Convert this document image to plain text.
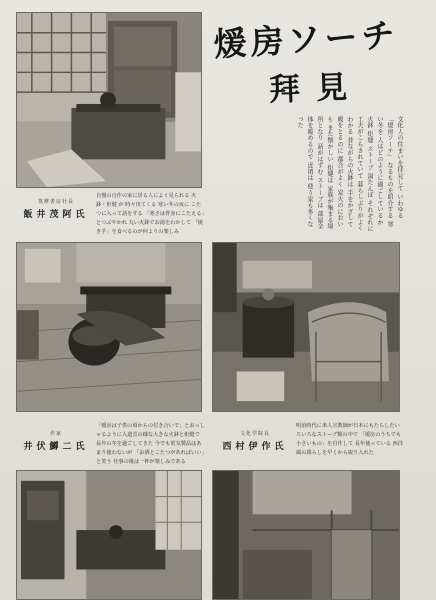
煖房ソーチ
拜見
筑摩書房社長
飯井茂阿氏
自慢の自作の家に居る人によく見られる 火鉢・炬燵 が 時々出てくる 寒い冬の夜に こたつに入って話をする 「寒さは骨身にこたえる」とつぶやかれ 丸い火鉢でお湯をわかして 「焼き芋」を食べるのが何よりの楽しみ
文化人の住まいを拝見して いわゆる 「煖房ソーチ」 なるものを紹介する 寒い冬を 人はどのように過ごしているか 火鉢 炬燵 ストーブ 湯たんぽ それぞれに工夫がこらされていて 暮らしぶりがよくわかる 昔ながらの火鉢は 手をかざして暖をとるのに 都合がよく 炭火のにおいも また懐かしい 炬燵は 家族が集まる場所となり 話がはずむ ストーブは 部屋全体を暖めるので 近頃は 使う家も多くなった
作家
井伏鱒二氏
「煖房は子供の頃からの付き合いで」とおっしゃるように入道雲の様な大きな火鉢と炬燵で 長年の冬を過ごしてきた 今でも電気製品はあまり使わないが 「お酒とこたつがあればいい」と笑う 仕事の後は一杯が楽しみである
文化学院長
西村伊作氏
明治時代に米人宣教師が日本にもたらしたいろいろなストーブ類の中で 「煖房のうちでも小さいもの」を自作して 長年使っている 西洋風の暮らしを早くから取り入れた
